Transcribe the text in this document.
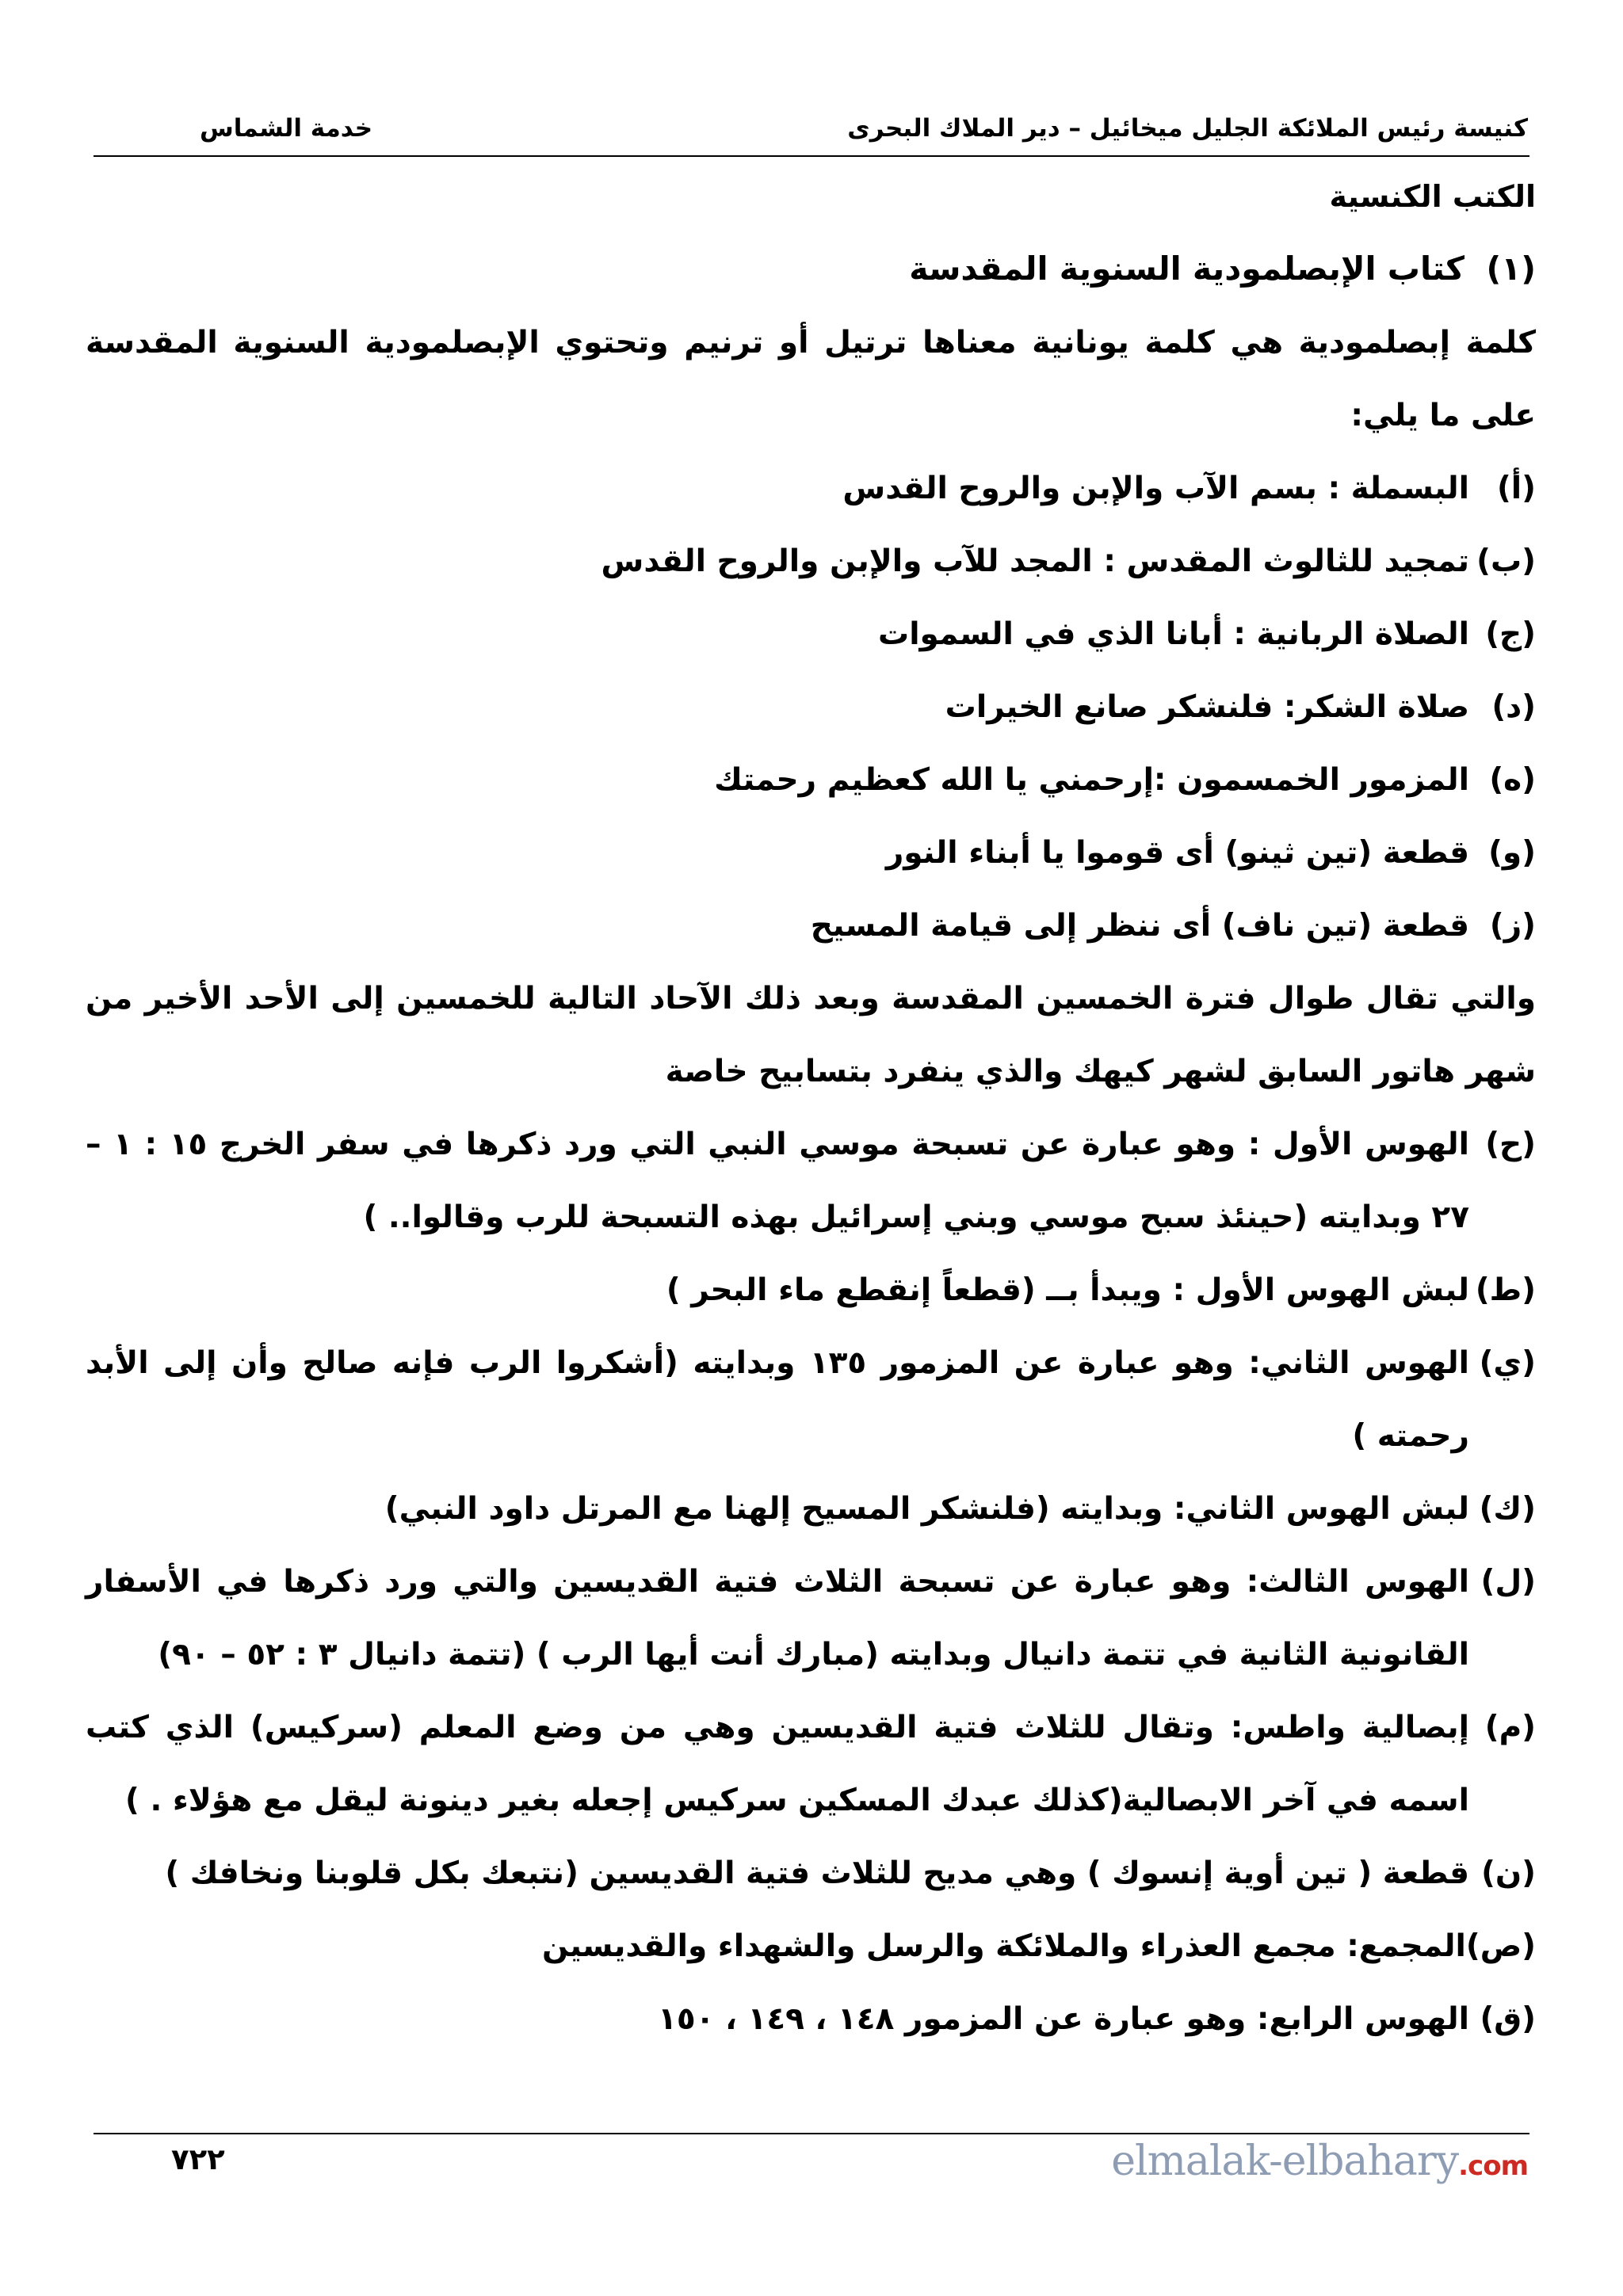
كنيسة رئيس الملائكة الجليل ميخائيل – دير الملاك البحرى
خدمة الشماس
الكتب الكنسية
(١)كتاب الإبصلمودية السنوية المقدسة

كلمة إبصلمودية هي كلمة يونانية معناها ترتيل أو ترنيم وتحتوي الإبصلمودية السنوية المقدسة على ما يلي:

(أ)
البسملة : بسم الآب والإبن والروح القدس
(ب)
تمجيد للثالوث المقدس : المجد للآب والإبن والروح القدس
(ج)
الصلاة الربانية : أبانا الذي في السموات
(د)
صلاة الشكر: فلنشكر صانع الخيرات
(ه)
المزمور الخمسمون :إرحمني يا الله كعظيم رحمتك
(و)
قطعة (تين ثينو) أى قوموا يا أبناء النور
(ز)
قطعة (تين ناف) أى ننظر إلى قيامة المسيح

والتي تقال طوال فترة الخمسين المقدسة وبعد ذلك الآحاد التالية للخمسين إلى الأحد الأخير من شهر هاتور السابق لشهر كيهك والذي ينفرد بتسابيح خاصة

(ح)
الهوس الأول : وهو عبارة عن تسبحة موسي النبي التي ورد ذكرها في سفر الخرج ١٥ : ١ – ٢٧ وبدايته (حينئذ سبح موسي وبني إسرائيل بهذه التسبحة للرب وقالوا.. )
(ط)
لبش الهوس الأول : ويبدأ بــ (قطعاً إنقطع ماء البحر )
(ي)
الهوس الثاني: وهو عبارة عن المزمور ١٣٥ وبدايته (أشكروا الرب فإنه صالح وأن إلى الأبد رحمته )
(ك)
لبش الهوس الثاني: وبدايته (فلنشكر المسيح إلهنا مع المرتل داود النبي)
(ل)
الهوس الثالث: وهو عبارة عن تسبحة الثلاث فتية القديسين والتي ورد ذكرها في الأسفار القانونية الثانية في تتمة دانيال وبدايته (مبارك أنت أيها الرب ) (تتمة دانيال ٣ : ٥٢ – ٩٠)
(م)
إبصالية واطس: وتقال للثلاث فتية القديسين وهي من وضع المعلم (سركيس) الذي كتب اسمه في آخر الابصالية(كذلك عبدك المسكين سركيس إجعله بغير دينونة ليقل مع هؤلاء . )
(ن)
قطعة ( تين أوية إنسوك ) وهي مديح للثلاث فتية القديسين (نتبعك بكل قلوبنا ونخافك )
(ص)
المجمع: مجمع العذراء والملائكة والرسل والشهداء والقديسين
(ق)
الهوس الرابع: وهو عبارة عن المزمور ١٤٨ ، ١٤٩ ، ١٥٠
٧٢٢	elmalak-elbahary.com
